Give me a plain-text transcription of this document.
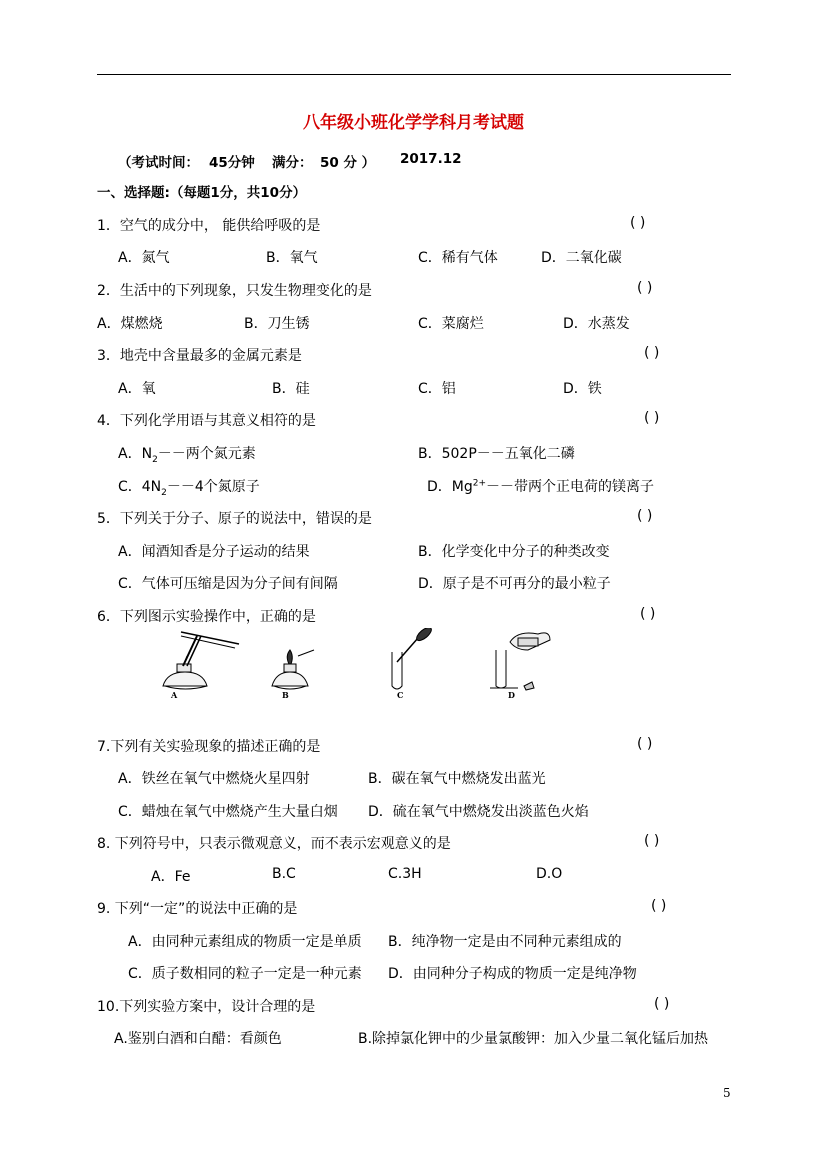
八年级小班化学学科月考试题
（考试时间： 45分钟 满分： 50 分 ） 2017.12
一、选择题:（每题1分，共10分）
1．空气的成分中， 能供给呼吸的是	( )
A．氮气	B．氧气	C．稀有气体	D．二氧化碳
2．生活中的下列现象，只发生物理变化的是	( )
A．煤燃烧	B．刀生锈	C．菜腐烂	D．水蒸发
3．地壳中含量最多的金属元素是	( )
A．氧	B．硅	C．铝	D．铁
4．下列化学用语与其意义相符的是	( )
A．$N_2--$两个氮元素	B．502P－－五氧化二磷
C．$4N_2--4$个氮原子	D．$Mg^{2+}--$带两个正电荷的镁离子
5．下列关于分子、原子的说法中，错误的是	( )
A．闻酒知香是分子运动的结果	B．化学变化中分子的种类改变
C．气体可压缩是因为分子间有间隔	D．原子是不可再分的最小粒子
6．下列图示实验操作中，正确的是	( )
A	B	C	D
7.下列有关实验现象的描述正确的是	( )
A．铁丝在氧气中燃烧火星四射	B．碳在氧气中燃烧发出蓝光
C．蜡烛在氧气中燃烧产生大量白烟 D．硫在氧气中燃烧发出淡蓝色火焰
8. 下列符号中，只表示微观意义，而不表示宏观意义的是	( )
A．Fe	B.C	C.3H	D.O
9. 下列“一定”的说法中正确的是	( )
A．由同种元素组成的物质一定是单质 B．纯净物一定是由不同种元素组成的
C．质子数相同的粒子一定是一种元素 D．由同种分子构成的物质一定是纯净物
10.下列实验方案中，设计合理的是	( )
A.鉴别白酒和白醋：看颜色	B.除掉氯化钾中的少量氯酸钾：加入少量二氧化锰后加热
5
